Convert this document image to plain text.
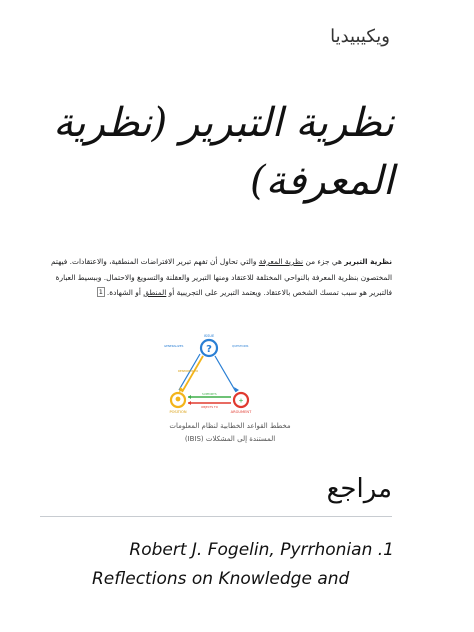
ويكيبيديا
نظرية التبرير (نظرية المعرفة)
نظرية التبرير هي جزء من نظرية المعرفة والتي تحاول أن تفهم تبرير الافتراضات المنطقية، والاعتقادات. فيهتم المختصون بنظرية المعرفة بالنواحي المختلفة للاعتقاد ومنها التبرير والعقلنة والتسويغ والاحتمال. وببسيط العبارة فالتبرير هو سبب تمسك الشخص بالاعتقاد. ويعتمد التبرير على التجريبية أو المنطق أو الشهادة.1
?
ISSUE
POSITION
+
ARGUMENT
GENERALIZES	QUESTIONS
RESPONDS TO
SUPPORTS
OBJECTS TO
مخطط القواعد الخطابية لنظام المعلومات
المستندة إلى المشكلات (IBIS)
مراجع
1. Robert J. Fogelin, Pyrrhonian
Reflections on Knowledge and
